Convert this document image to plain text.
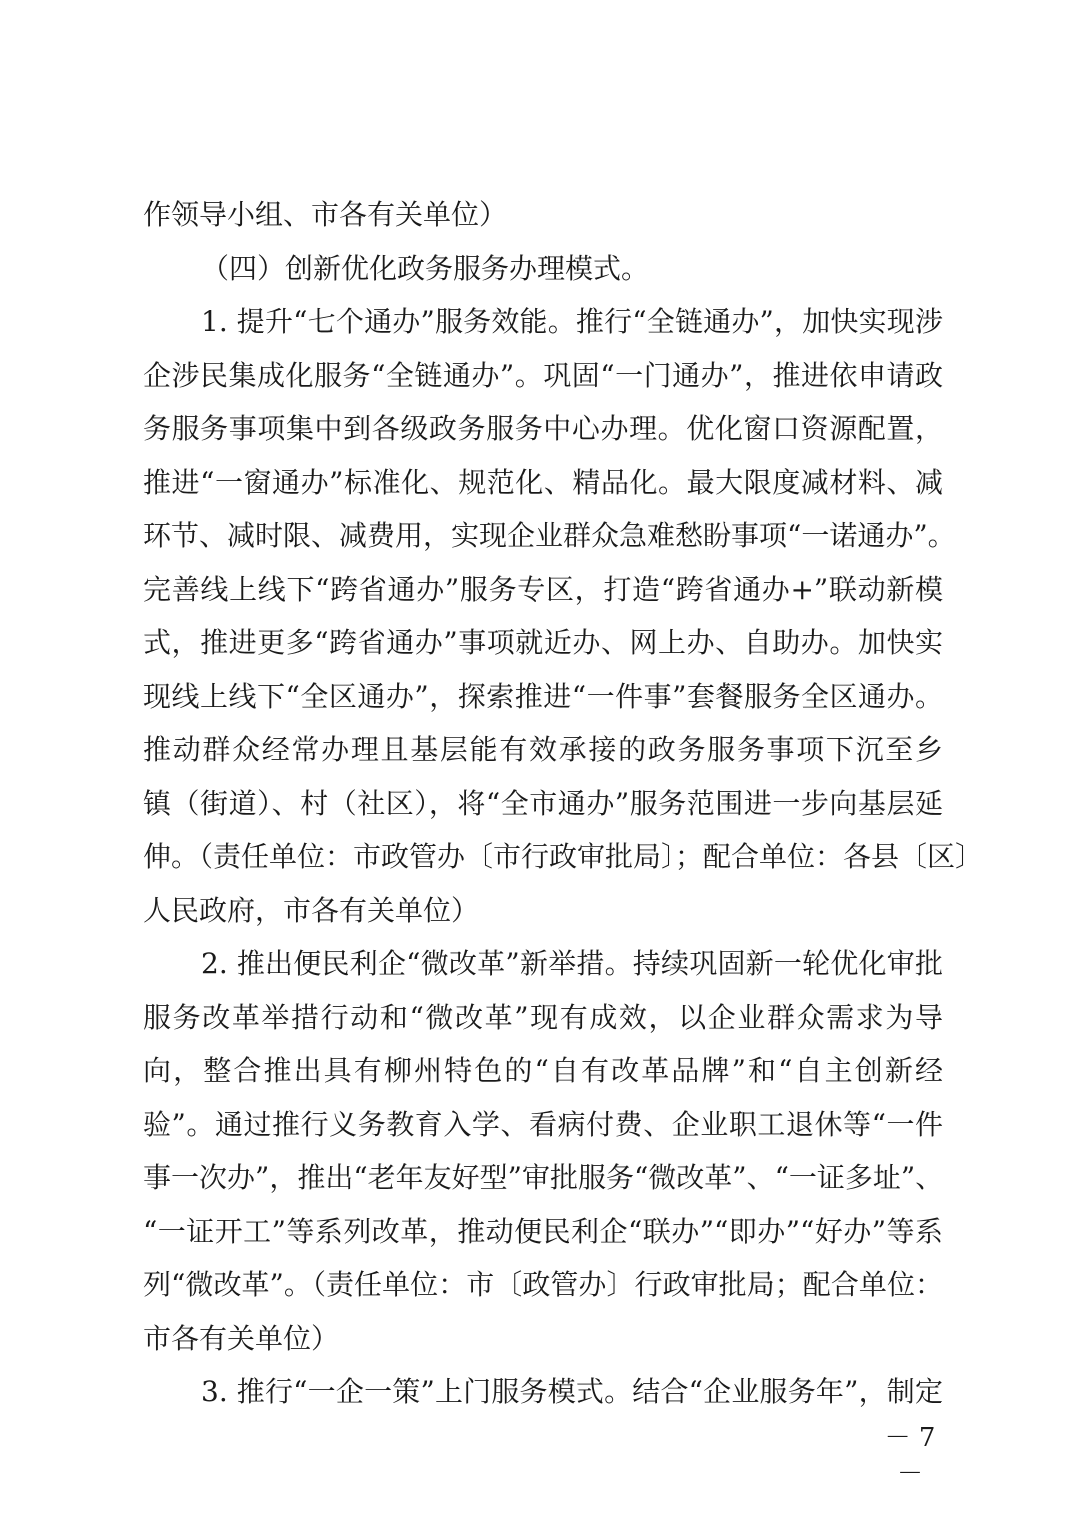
作领导小组、市各有关单位）
（四）创新优化政务服务办理模式。
1. 提升“七个通办”服务效能。推行“全链通办”，加快实现涉
企涉民集成化服务“全链通办”。巩固“一门通办”，推进依申请政
务服务事项集中到各级政务服务中心办理。优化窗口资源配置，
推进“一窗通办”标准化、规范化、精品化。最大限度减材料、减
环节、减时限、减费用，实现企业群众急难愁盼事项“一诺通办”。
完善线上线下“跨省通办”服务专区，打造“跨省通办+”联动新模
式，推进更多“跨省通办”事项就近办、网上办、自助办。加快实
现线上线下“全区通办”，探索推进“一件事”套餐服务全区通办。
推动群众经常办理且基层能有效承接的政务服务事项下沉至乡
镇（街道）、村（社区），将“全市通办”服务范围进一步向基层延
伸。（责任单位：市政管办〔市行政审批局〕；配合单位：各县〔区〕
人民政府，市各有关单位）
2. 推出便民利企“微改革”新举措。持续巩固新一轮优化审批
服务改革举措行动和“微改革”现有成效，以企业群众需求为导
向，整合推出具有柳州特色的“自有改革品牌”和“自主创新经
验”。通过推行义务教育入学、看病付费、企业职工退休等“一件
事一次办”，推出“老年友好型”审批服务“微改革”、“一证多址”、
“一证开工”等系列改革，推动便民利企“联办”“即办”“好办”等系
列“微改革”。（责任单位：市〔政管办〕行政审批局；配合单位：
市各有关单位）
3. 推行“一企一策”上门服务模式。结合“企业服务年”，制定
－ 7 －
